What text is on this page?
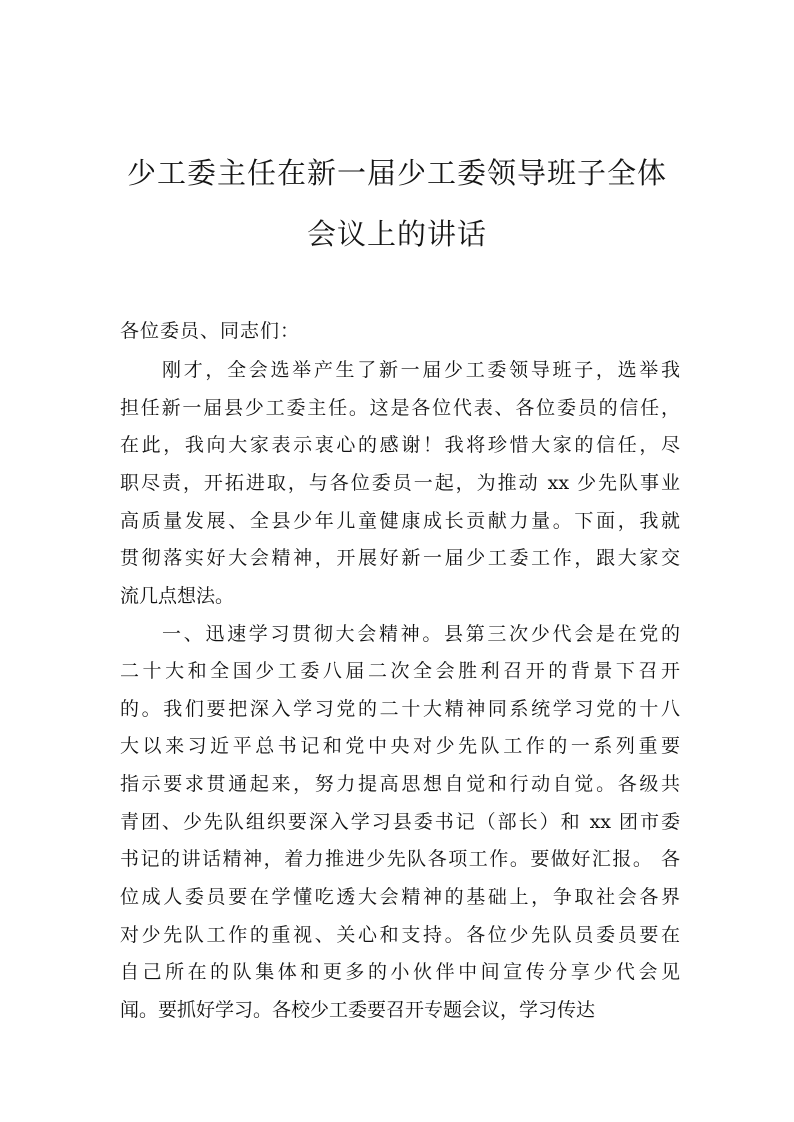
少工委主任在新一届少工委领导班子全体
会议上的讲话
各位委员、同志们：
刚才，全会选举产生了新一届少工委领导班子，选举我
担任新一届县少工委主任。这是各位代表、各位委员的信任，
在此，我向大家表示衷心的感谢！我将珍惜大家的信任，尽
职尽责，开拓进取，与各位委员一起，为推动 xx 少先队事业
高质量发展、全县少年儿童健康成长贡献力量。下面，我就
贯彻落实好大会精神，开展好新一届少工委工作，跟大家交
流几点想法。
一、迅速学习贯彻大会精神。县第三次少代会是在党的
二十大和全国少工委八届二次全会胜利召开的背景下召开
的。我们要把深入学习党的二十大精神同系统学习党的十八
大以来习近平总书记和党中央对少先队工作的一系列重要
指示要求贯通起来，努力提高思想自觉和行动自觉。各级共
青团、少先队组织要深入学习县委书记（部长）和 xx 团市委
书记的讲话精神，着力推进少先队各项工作。要做好汇报。 各
位成人委员要在学懂吃透大会精神的基础上，争取社会各界
对少先队工作的重视、关心和支持。各位少先队员委员要在
自己所在的队集体和更多的小伙伴中间宣传分享少代会见
闻。要抓好学习。各校少工委要召开专题会议，学习传达
